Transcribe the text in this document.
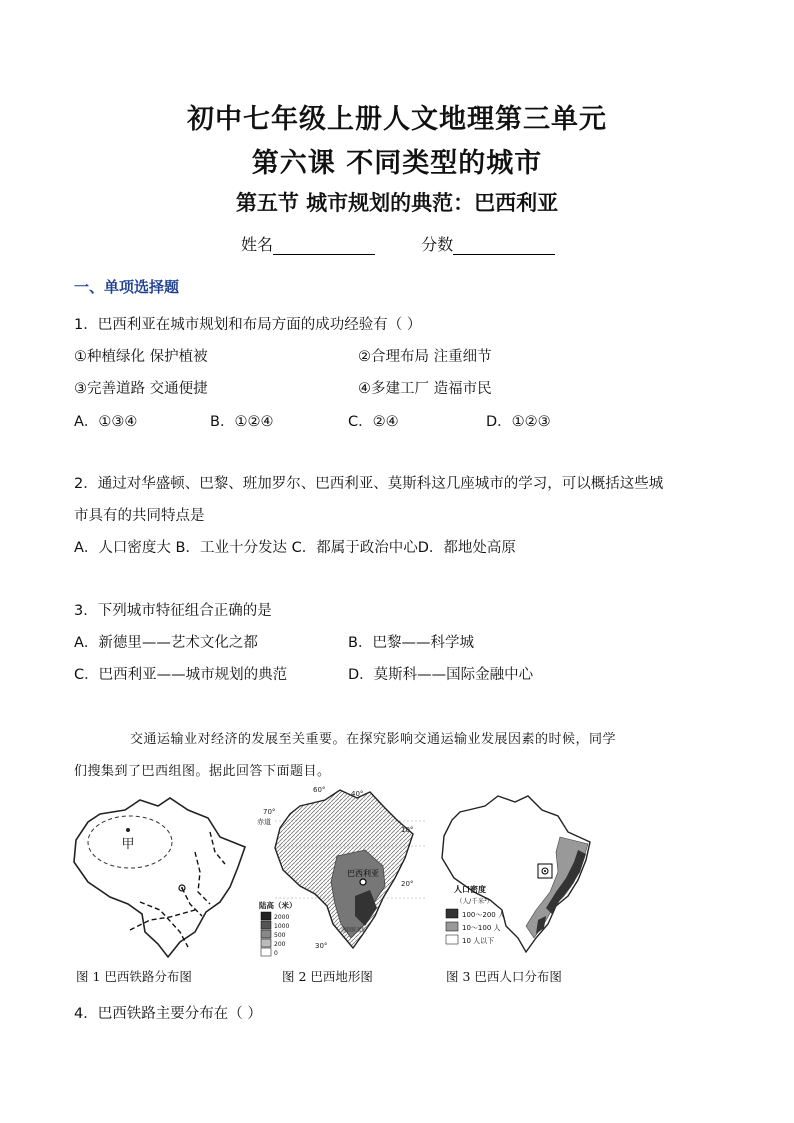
初中七年级上册人文地理第三单元
第六课 不同类型的城市
第五节 城市规划的典范：巴西利亚
姓名	分数
一、单项选择题
1．巴西利亚在城市规划和布局方面的成功经验有（ ）
①种植绿化 保护植被	②合理布局 注重细节
③完善道路 交通便捷	④多建工厂 造福市民
A．①③④	B．①②④	C．②④	D．①②③
2．通过对华盛顿、巴黎、班加罗尔、巴西利亚、莫斯科这几座城市的学习，可以概括这些城
市具有的共同特点是
A．人口密度大 B．工业十分发达 C．都属于政治中心D．都地处高原
3．下列城市特征组合正确的是
A．新德里——艺术文化之都	B．巴黎——科学城
C．巴西利亚——城市规划的典范	D．莫斯科——国际金融中心
交通运输业对经济的发展至关重要。在探究影响交通运输业发展因素的时候，同学
们搜集到了巴西组图。据此回答下面题目。
甲
图 1 巴西铁路分布图
巴西利亚
南回归线
70°
60°
赤道
40°
10°
20°
30°
陆高（米）
2000
1000
500
200
0
图 2 巴西地形图
人口密度
（人/千米²）
100～200 人
10～100 人
10 人以下
图 3 巴西人口分布图
4．巴西铁路主要分布在（ ）
